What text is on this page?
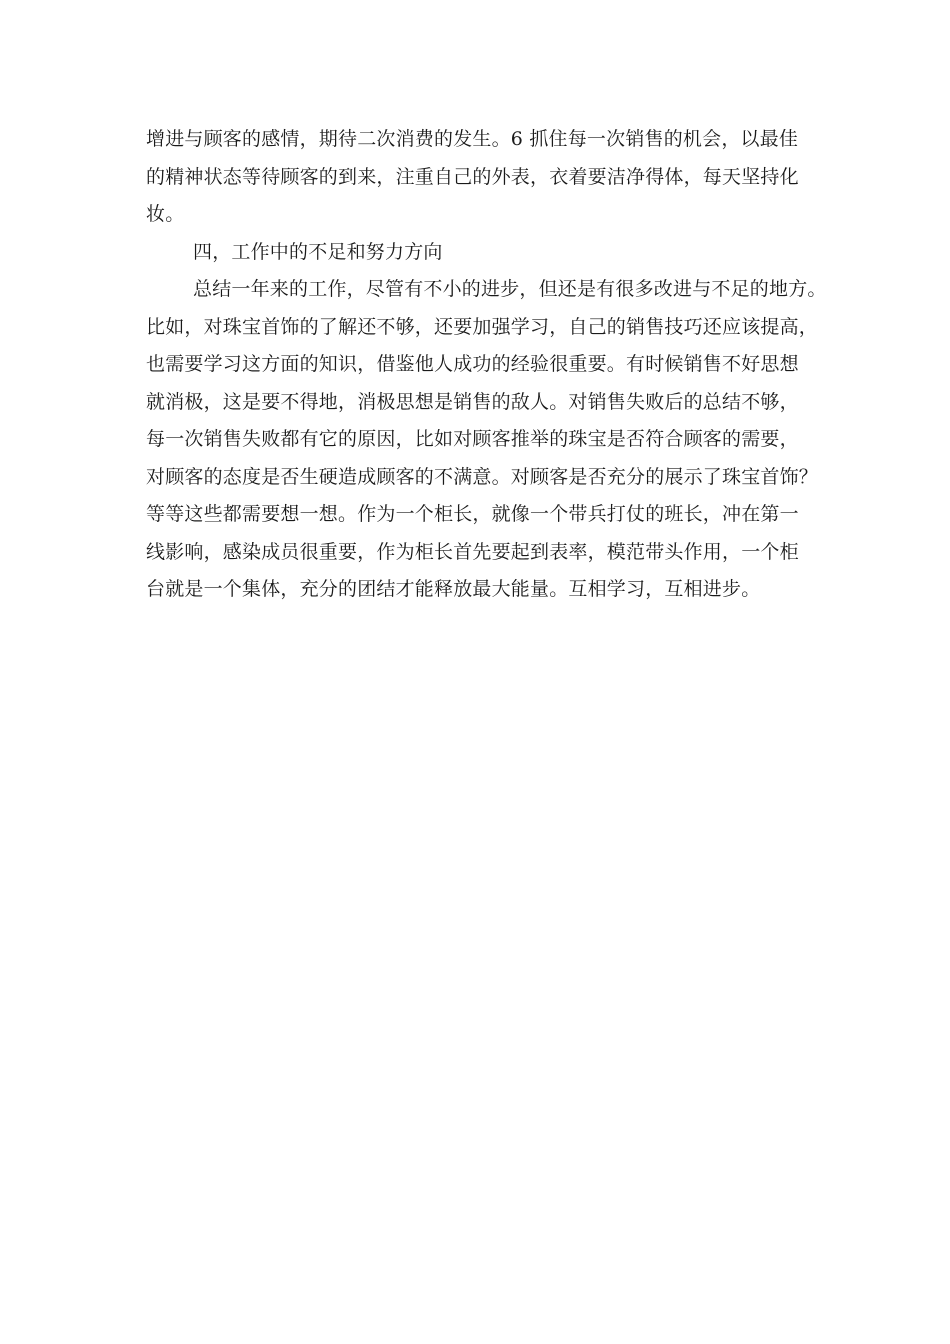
增进与顾客的感情，期待二次消费的发生。6 抓住每一次销售的机会，以最佳
的精神状态等待顾客的到来，注重自己的外表，衣着要洁净得体，每天坚持化
妆。
四，工作中的不足和努力方向
总结一年来的工作，尽管有不小的进步，但还是有很多改进与不足的地方。
比如，对珠宝首饰的了解还不够，还要加强学习，自己的销售技巧还应该提高，
也需要学习这方面的知识，借鉴他人成功的经验很重要。有时候销售不好思想
就消极，这是要不得地，消极思想是销售的敌人。对销售失败后的总结不够，
每一次销售失败都有它的原因，比如对顾客推举的珠宝是否符合顾客的需要，
对顾客的态度是否生硬造成顾客的不满意。对顾客是否充分的展示了珠宝首饰？
等等这些都需要想一想。作为一个柜长，就像一个带兵打仗的班长，冲在第一
线影响，感染成员很重要，作为柜长首先要起到表率，模范带头作用，一个柜
台就是一个集体，充分的团结才能释放最大能量。互相学习，互相进步。
